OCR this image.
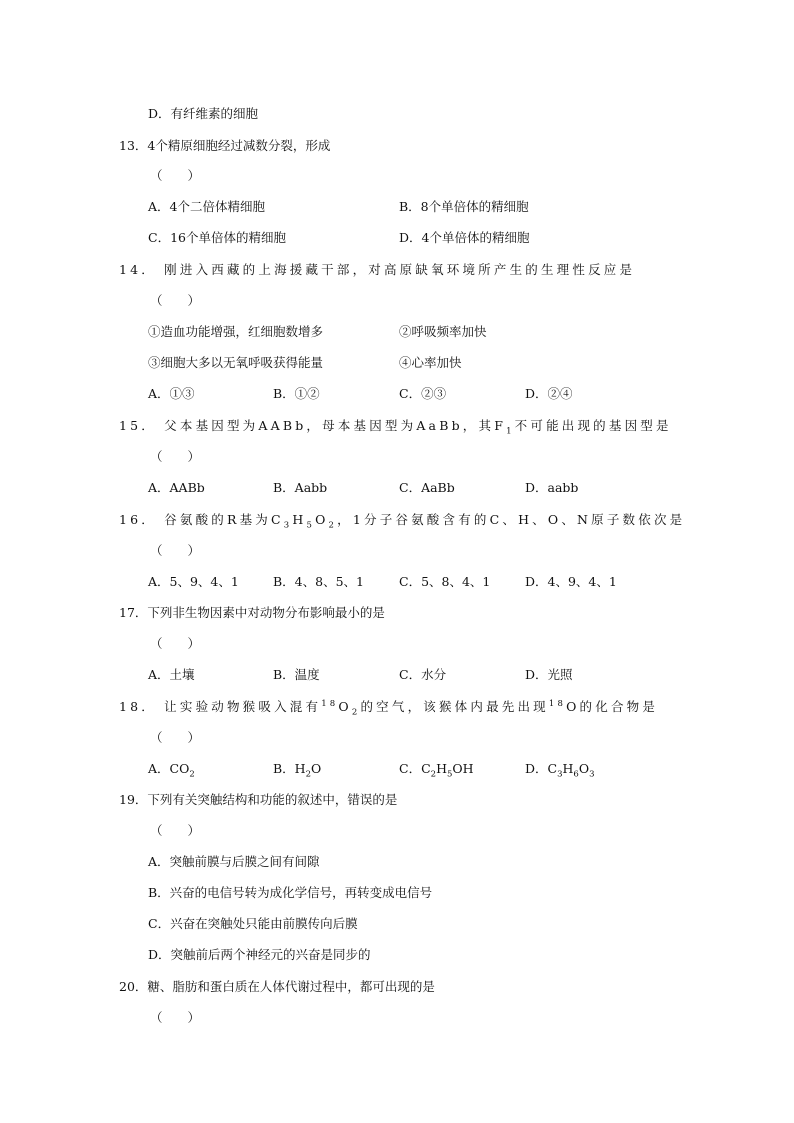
D．有纤维素的细胞
13．4个精原细胞经过减数分裂，形成
（　　）
A．4个二倍体精细胞	B．8个单倍体的精细胞
C．16个单倍体的精细胞	D．4个单倍体的精细胞
14． 刚进入西藏的上海援藏干部，对高原缺氧环境所产生的生理性反应是
（　　）
①造血功能增强，红细胞数增多	②呼吸频率加快
③细胞大多以无氧呼吸获得能量	④心率加快
A．①③	B．①②	C．②③	D．②④
15． 父本基因型为AABb，母本基因型为AaBb，其$F_1$不可能出现的基因型是
（　　）
A．AABb	B．Aabb	C．AaBb	D．aabb
16． 谷氨酸的R基为$C_3H_5O_2$，1分子谷氨酸含有的C、H、O、N原子数依次是
（　　）
A．5、9、4、1	B．4、8、5、1	C．5、8、4、1	D．4、9、4、1
17．下列非生物因素中对动物分布影响最小的是
（　　）
A．土壤	B．温度	C．水分	D．光照
18． 让实验动物猴吸入混有$^{18}O_2$的空气，该猴体内最先出现$^{18}$O的化合物是
（　　）
A．$CO_2$	B．$H_2O$	C．$C_2H_5OH$	D．$C_3H_6O_3$
19．下列有关突触结构和功能的叙述中，错误的是
（　　）
A．突触前膜与后膜之间有间隙
B．兴奋的电信号转为成化学信号，再转变成电信号
C．兴奋在突触处只能由前膜传向后膜
D．突触前后两个神经元的兴奋是同步的
20．糖、脂肪和蛋白质在人体代谢过程中，都可出现的是
（　　）
